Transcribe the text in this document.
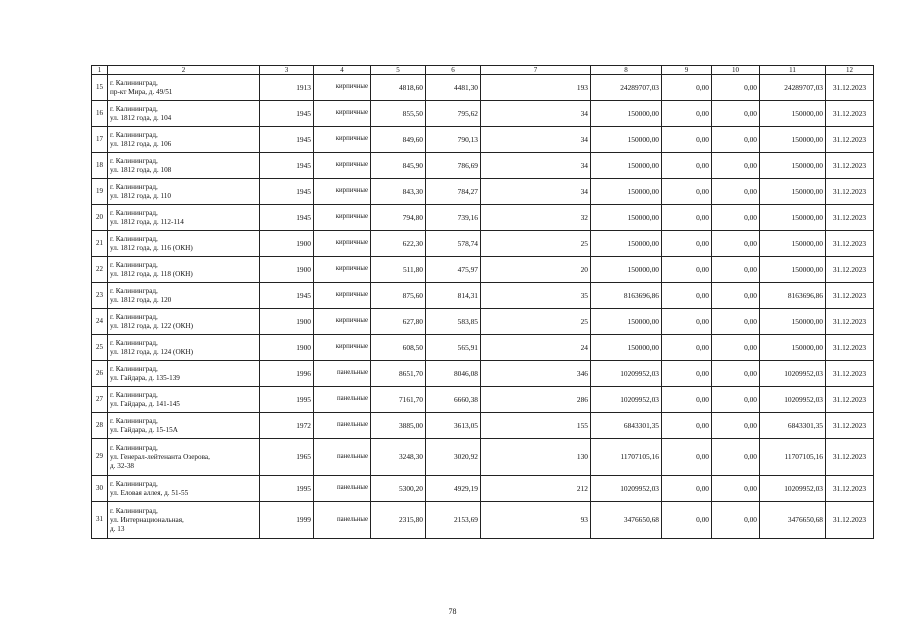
1	2	3	4	5	6	7	8	9	10	11	12
15	г. Калининград,
пр-кт Мира, д. 49/51	1913	кирпичные	4818,60	4481,30	193	24289707,03	0,00	0,00	24289707,03	31.12.2023
16	г. Калининград,
ул. 1812 года, д. 104	1945	кирпичные	855,50	795,62	34	150000,00	0,00	0,00	150000,00	31.12.2023
17	г. Калининград,
ул. 1812 года, д. 106	1945	кирпичные	849,60	790,13	34	150000,00	0,00	0,00	150000,00	31.12.2023
18	г. Калининград,
ул. 1812 года, д. 108	1945	кирпичные	845,90	786,69	34	150000,00	0,00	0,00	150000,00	31.12.2023
19	г. Калининград,
ул. 1812 года, д. 110	1945	кирпичные	843,30	784,27	34	150000,00	0,00	0,00	150000,00	31.12.2023
20	г. Калининград,
ул. 1812 года, д. 112-114	1945	кирпичные	794,80	739,16	32	150000,00	0,00	0,00	150000,00	31.12.2023
21	г. Калининград,
ул. 1812 года, д. 116 (ОКН)	1900	кирпичные	622,30	578,74	25	150000,00	0,00	0,00	150000,00	31.12.2023
22	г. Калининград,
ул. 1812 года, д. 118 (ОКН)	1900	кирпичные	511,80	475,97	20	150000,00	0,00	0,00	150000,00	31.12.2023
23	г. Калининград,
ул. 1812 года, д. 120	1945	кирпичные	875,60	814,31	35	8163696,86	0,00	0,00	8163696,86	31.12.2023
24	г. Калининград,
ул. 1812 года, д. 122 (ОКН)	1900	кирпичные	627,80	583,85	25	150000,00	0,00	0,00	150000,00	31.12.2023
25	г. Калининград,
ул. 1812 года, д. 124 (ОКН)	1900	кирпичные	608,50	565,91	24	150000,00	0,00	0,00	150000,00	31.12.2023
26	г. Калининград,
ул. Гайдара, д. 135-139	1996	панельные	8651,70	8046,08	346	10209952,03	0,00	0,00	10209952,03	31.12.2023
27	г. Калининград,
ул. Гайдара, д. 141-145	1995	панельные	7161,70	6660,38	286	10209952,03	0,00	0,00	10209952,03	31.12.2023
28	г. Калининград,
ул. Гайдара, д. 15-15А	1972	панельные	3885,00	3613,05	155	6843301,35	0,00	0,00	6843301,35	31.12.2023
29	г. Калининград,
ул. Генерал-лейтенанта Озерова,
д. 32-38	1965	панельные	3248,30	3020,92	130	11707105,16	0,00	0,00	11707105,16	31.12.2023
30	г. Калининград,
ул. Еловая аллея, д. 51-55	1995	панельные	5300,20	4929,19	212	10209952,03	0,00	0,00	10209952,03	31.12.2023
31	г. Калининград,
ул. Интернациональная,
д. 13	1999	панельные	2315,80	2153,69	93	3476650,68	0,00	0,00	3476650,68	31.12.2023
78
